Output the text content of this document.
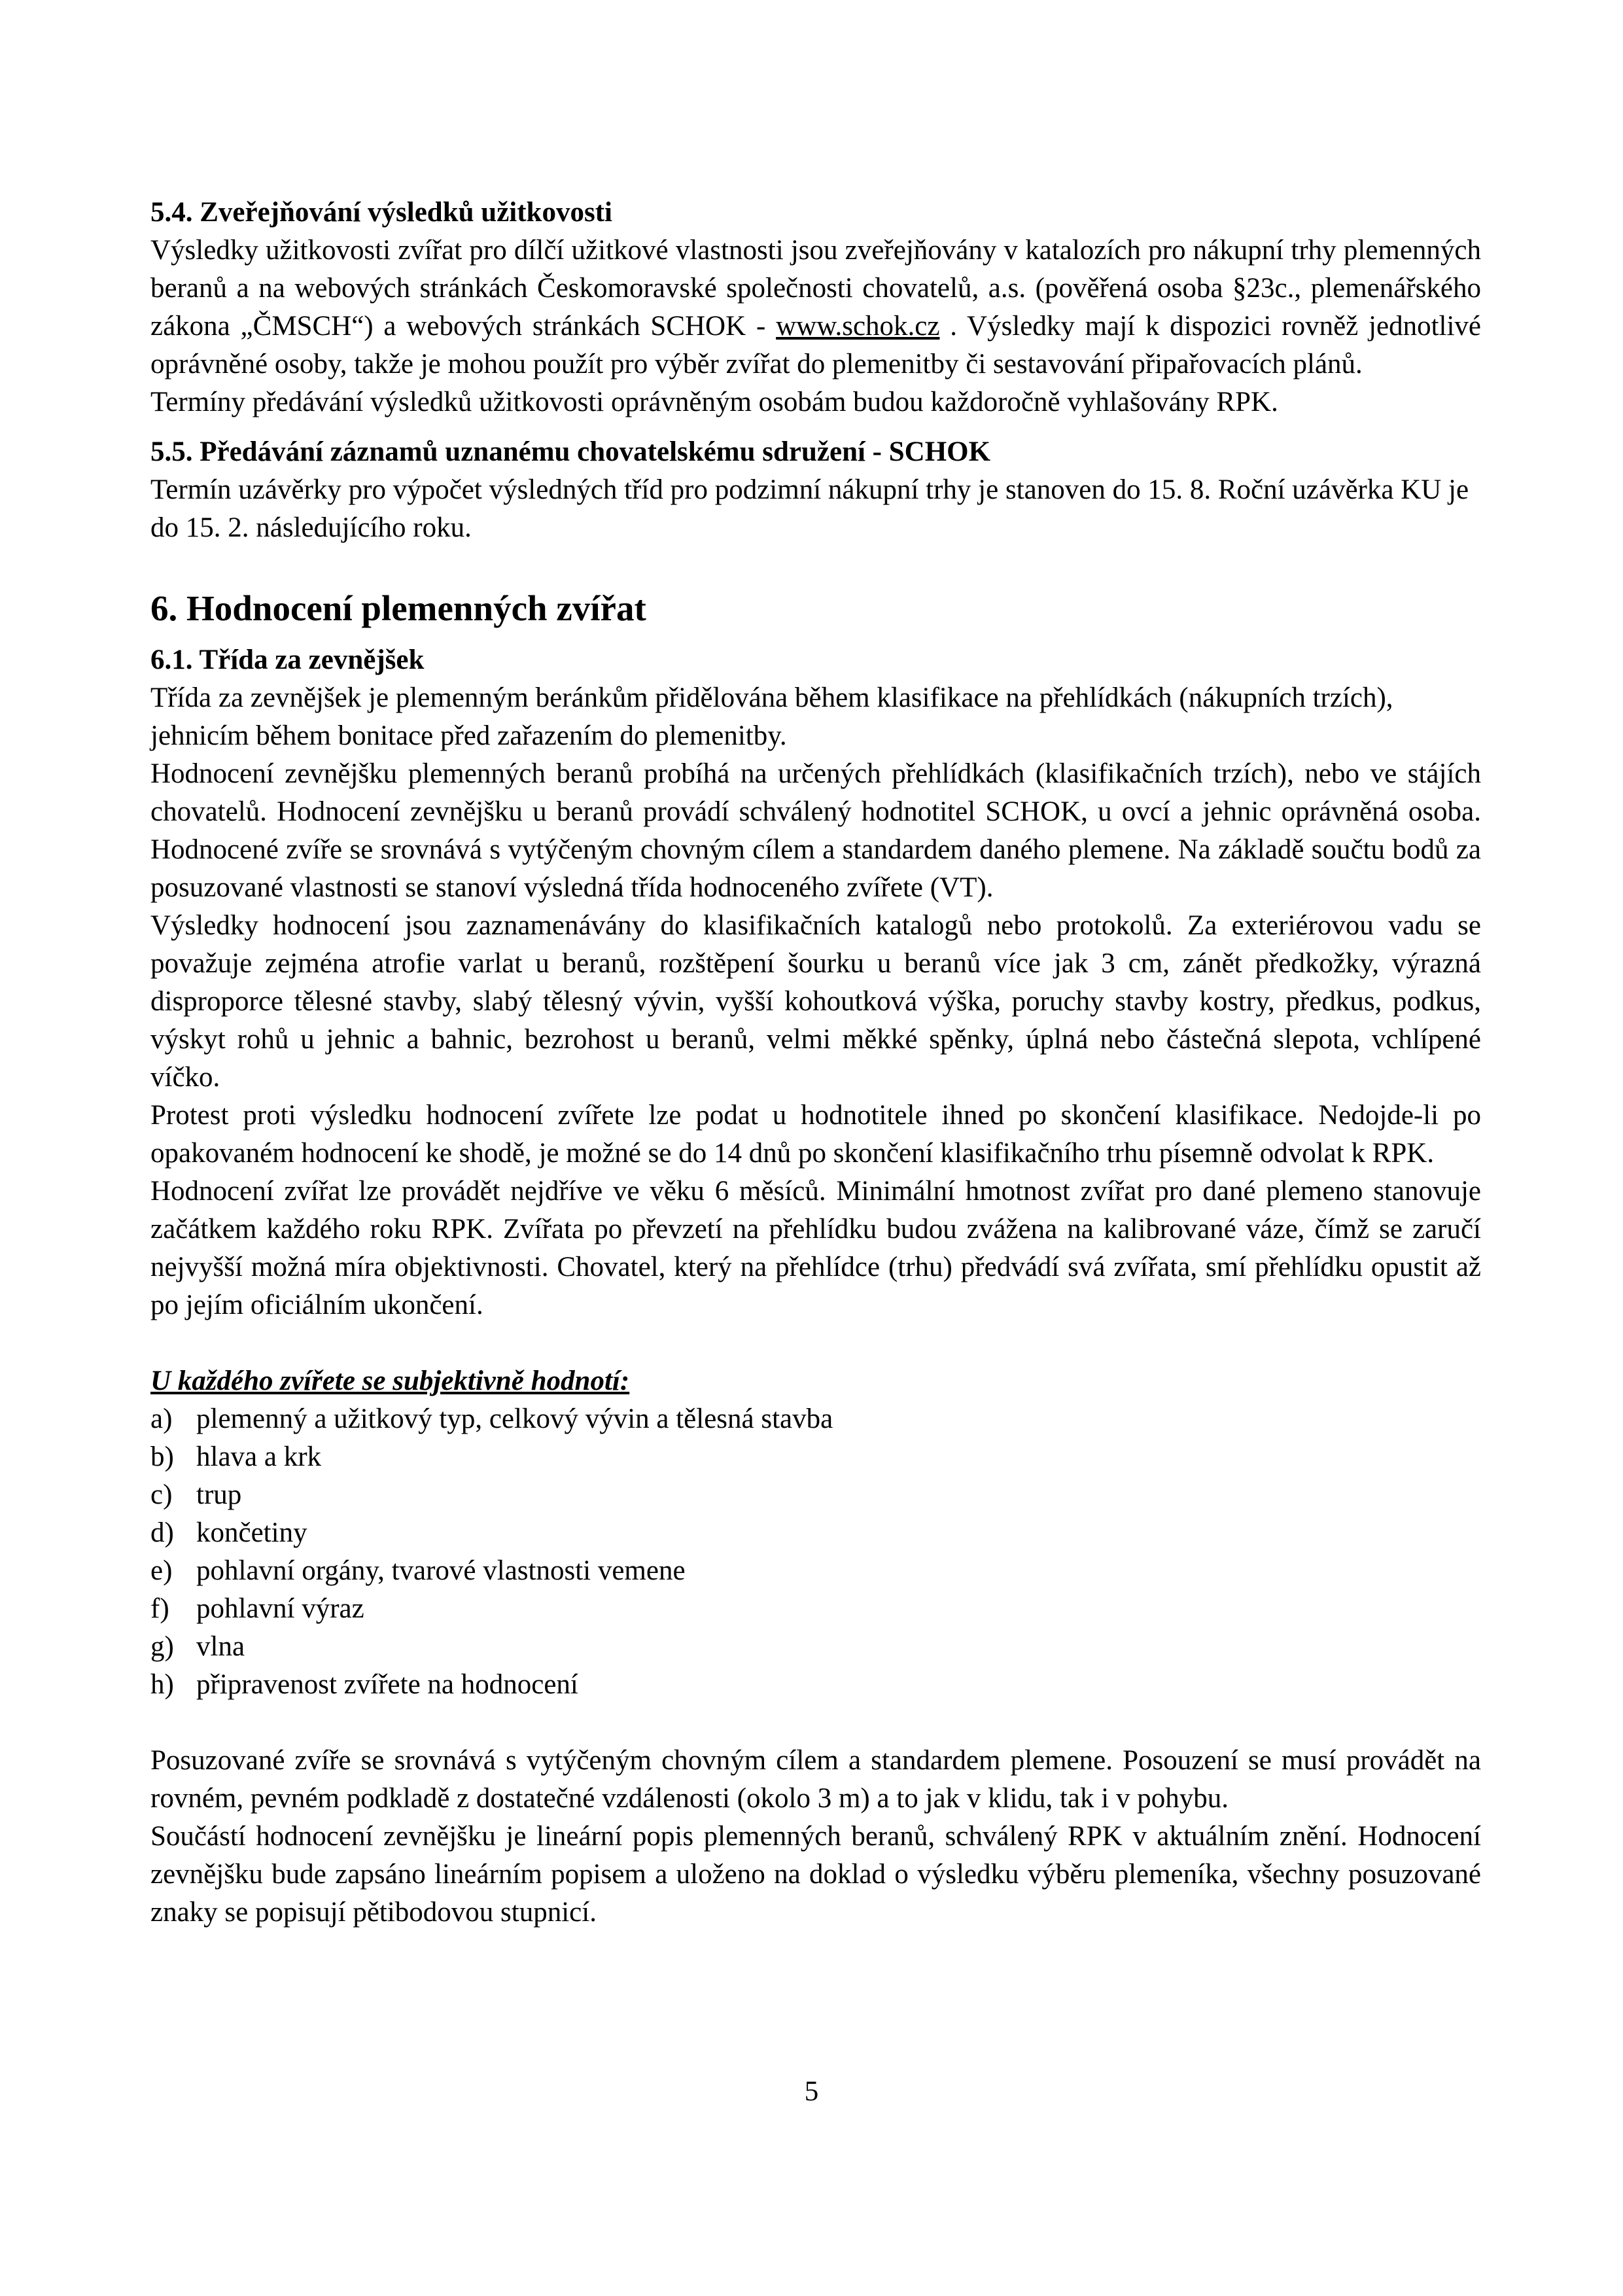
5.4. Zveřejňování výsledků užitkovosti

Výsledky užitkovosti zvířat pro dílčí užitkové vlastnosti jsou zveřejňovány v katalozích pro nákupní trhy plemenných beranů a na webových stránkách Českomoravské společnosti chovatelů, a.s. (pověřená osoba §23c., plemenářského zákona „ČMSCH“) a webových stránkách SCHOK - www.schok.cz . Výsledky mají k dispozici rovněž jednotlivé oprávněné osoby, takže je mohou použít pro výběr zvířat do plemenitby či sestavování připařovacích plánů.

Termíny předávání výsledků užitkovosti oprávněným osobám budou každoročně vyhlašovány RPK.

5.5. Předávání záznamů uznanému chovatelskému sdružení - SCHOK

Termín uzávěrky pro výpočet výsledných tříd pro podzimní nákupní trhy je stanoven do 15. 8. Roční uzávěrka KU je do 15. 2. následujícího roku.

6. Hodnocení plemenných zvířat

6.1. Třída za zevnějšek

Třída za zevnějšek je plemenným beránkům přidělována během klasifikace na přehlídkách (nákupních trzích), jehnicím během bonitace před zařazením do plemenitby.

Hodnocení zevnějšku plemenných beranů probíhá na určených přehlídkách (klasifikačních trzích), nebo ve stájích chovatelů. Hodnocení zevnějšku u beranů provádí schválený hodnotitel SCHOK, u ovcí a jehnic oprávněná osoba. Hodnocené zvíře se srovnává s vytýčeným chovným cílem a standardem daného plemene. Na základě součtu bodů za posuzované vlastnosti se stanoví výsledná třída hodnoceného zvířete (VT).

Výsledky hodnocení jsou zaznamenávány do klasifikačních katalogů nebo protokolů. Za exteriérovou vadu se považuje zejména atrofie varlat u beranů, rozštěpení šourku u beranů více jak 3 cm, zánět předkožky, výrazná disproporce tělesné stavby, slabý tělesný vývin, vyšší kohoutková výška, poruchy stavby kostry, předkus, podkus, výskyt rohů u jehnic a bahnic, bezrohost u beranů, velmi měkké spěnky, úplná nebo částečná slepota, vchlípené víčko.

Protest proti výsledku hodnocení zvířete lze podat u hodnotitele ihned po skončení klasifikace. Nedojde-li po opakovaném hodnocení ke shodě, je možné se do 14 dnů po skončení klasifikačního trhu písemně odvolat k RPK.

Hodnocení zvířat lze provádět nejdříve ve věku 6 měsíců. Minimální hmotnost zvířat pro dané plemeno stanovuje začátkem každého roku RPK. Zvířata po převzetí na přehlídku budou zvážena na kalibrované váze, čímž se zaručí nejvyšší možná míra objektivnosti. Chovatel, který na přehlídce (trhu) předvádí svá zvířata, smí přehlídku opustit až po jejím oficiálním ukončení.

U každého zvířete se subjektivně hodnotí:

a) plemenný a užitkový typ, celkový vývin a tělesná stavba
b) hlava a krk
c) trup
d) končetiny
e) pohlavní orgány, tvarové vlastnosti vemene
f) pohlavní výraz
g) vlna
h) připravenost zvířete na hodnocení

Posuzované zvíře se srovnává s vytýčeným chovným cílem a standardem plemene. Posouzení se musí provádět na rovném, pevném podkladě z dostatečné vzdálenosti (okolo 3 m) a to jak v klidu, tak i v pohybu.

Součástí hodnocení zevnějšku je lineární popis plemenných beranů, schválený RPK v aktuálním znění. Hodnocení zevnějšku bude zapsáno lineárním popisem a uloženo na doklad o výsledku výběru plemeníka, všechny posuzované znaky se popisují pětibodovou stupnicí.

5
